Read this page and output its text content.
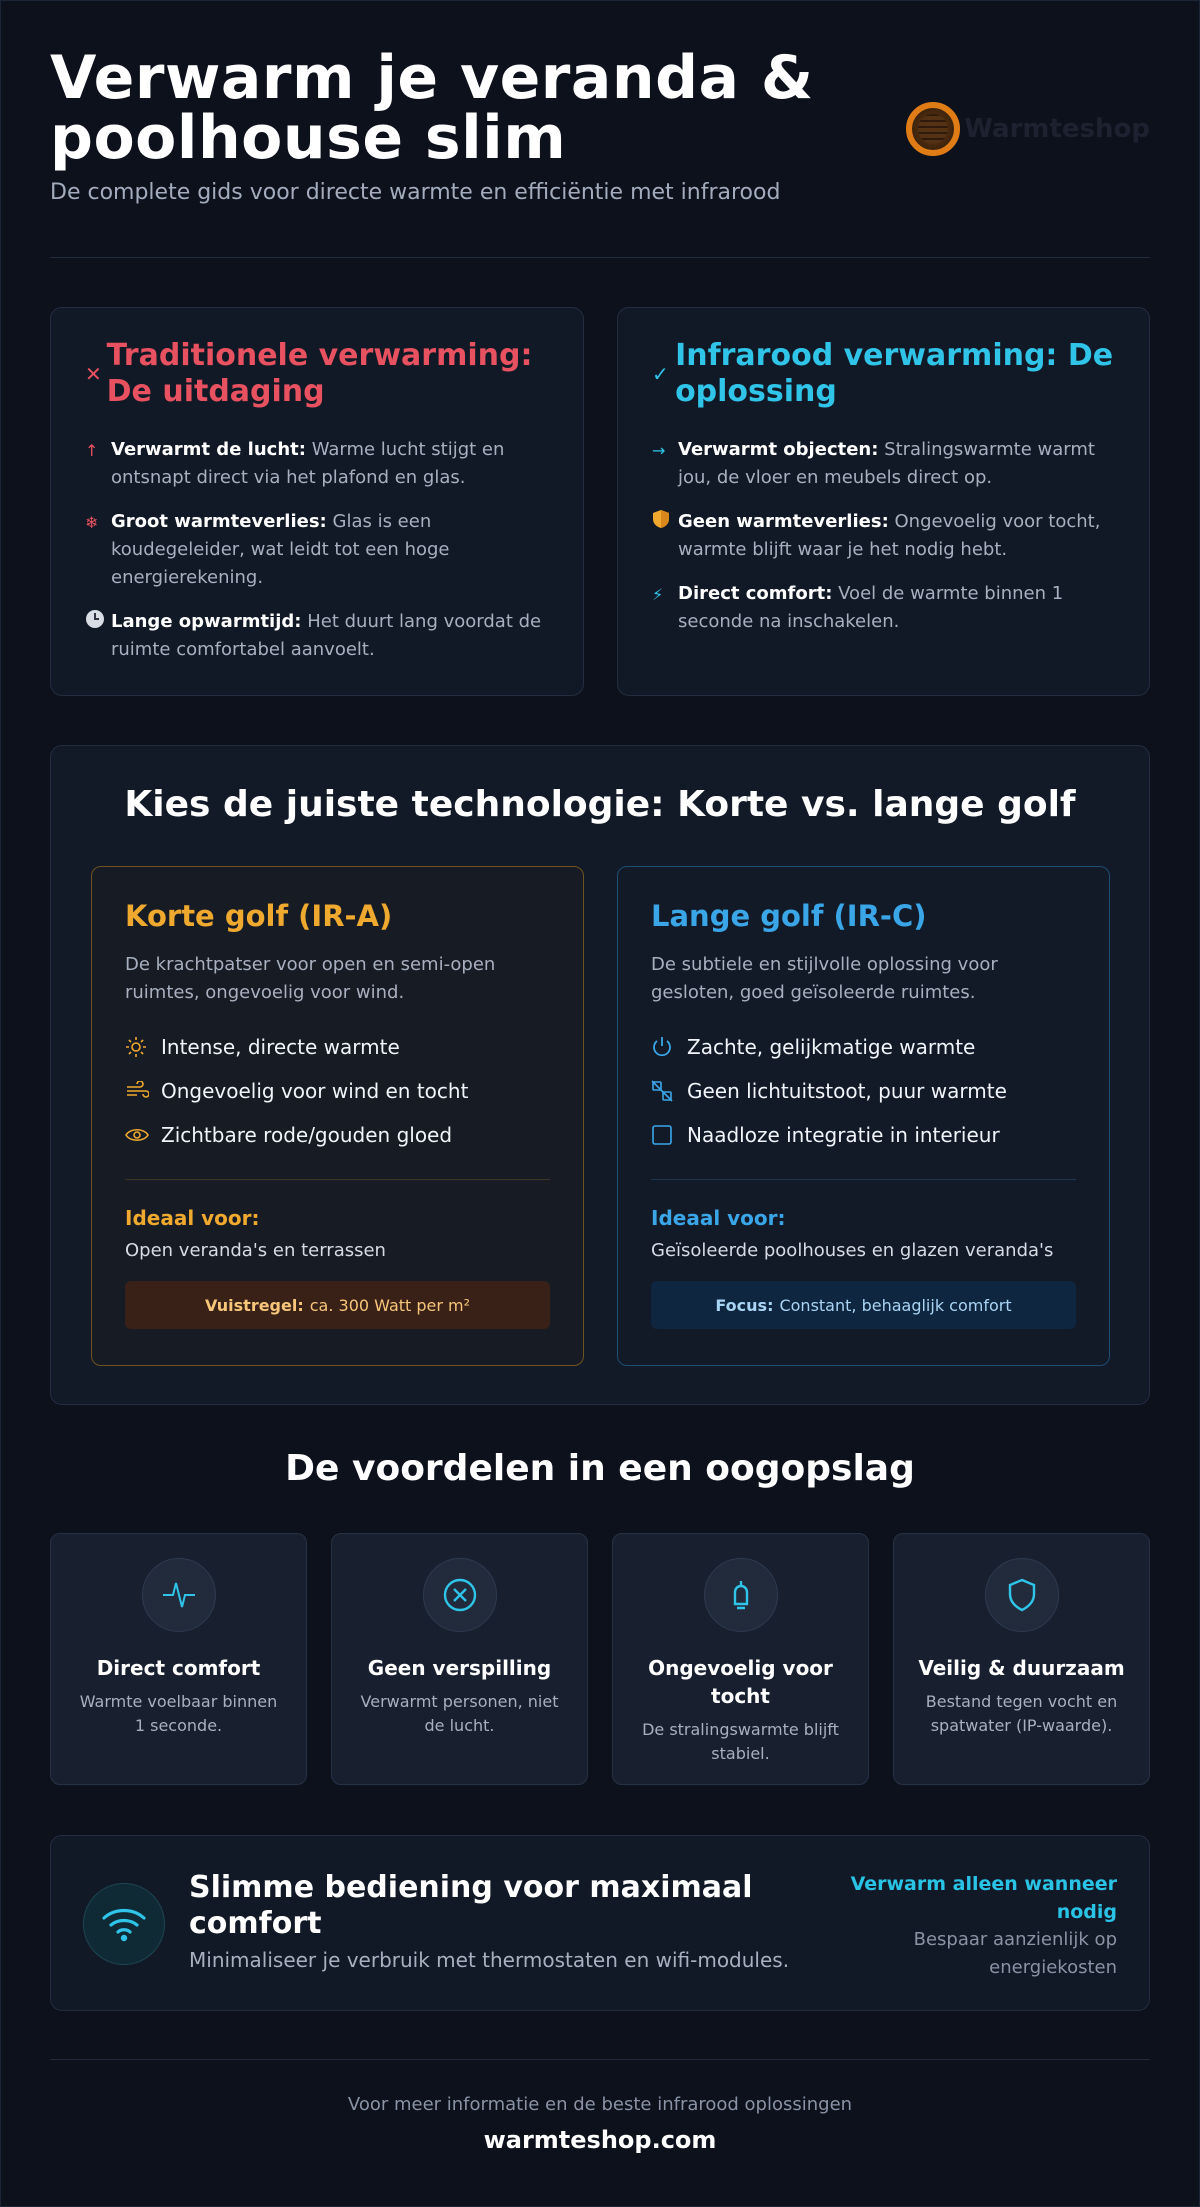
Verwarm je veranda & poolhouse slim

De complete gids voor directe warmte en efficiëntie met infrarood

Warmteshop
✕
Traditionele verwarming: De uitdaging
↑ Verwarmt de lucht: Warme lucht stijgt en ontsnapt direct via het plafond en glas.
❄ Groot warmteverlies: Glas is een koudegeleider, wat leidt tot een hoge energierekening.
Lange opwarmtijd: Het duurt lang voordat de ruimte comfortabel aanvoelt.
✓
Infrarood verwarming: De oplossing
→ Verwarmt objecten: Stralingswarmte warmt jou, de vloer en meubels direct op.
Geen warmteverlies: Ongevoelig voor tocht, warmte blijft waar je het nodig hebt.
⚡ Direct comfort: Voel de warmte binnen 1 seconde na inschakelen.
Kies de juiste technologie: Korte vs. lange golf
Korte golf (IR-A)

De krachtpatser voor open en semi-open ruimtes, ongevoelig voor wind.

Intense, directe warmte
Ongevoelig voor wind en tocht
Zichtbare rode/gouden gloed

Ideaal voor:

Open veranda's en terrassen

Vuistregel: ca. 300 Watt per m²
Lange golf (IR-C)

De subtiele en stijlvolle oplossing voor gesloten, goed geïsoleerde ruimtes.

Zachte, gelijkmatige warmte
Geen lichtuitstoot, puur warmte
Naadloze integratie in interieur

Ideaal voor:

Geïsoleerde poolhouses en glazen veranda's

Focus: Constant, behaaglijk comfort
De voordelen in een oogopslag

Direct comfort

Warmte voelbaar binnen 1 seconde.

Geen verspilling

Verwarmt personen, niet de lucht.

Ongevoelig voor tocht

De stralingswarmte blijft stabiel.

Veilig & duurzaam

Bestand tegen vocht en spatwater (IP-waarde).

Slimme bediening voor maximaal comfort

Minimaliseer je verbruik met thermostaten en wifi-modules.

Verwarm alleen wanneer nodig

Bespaar aanzienlijk op energiekosten

Voor meer informatie en de beste infrarood oplossingen

warmteshop.com
